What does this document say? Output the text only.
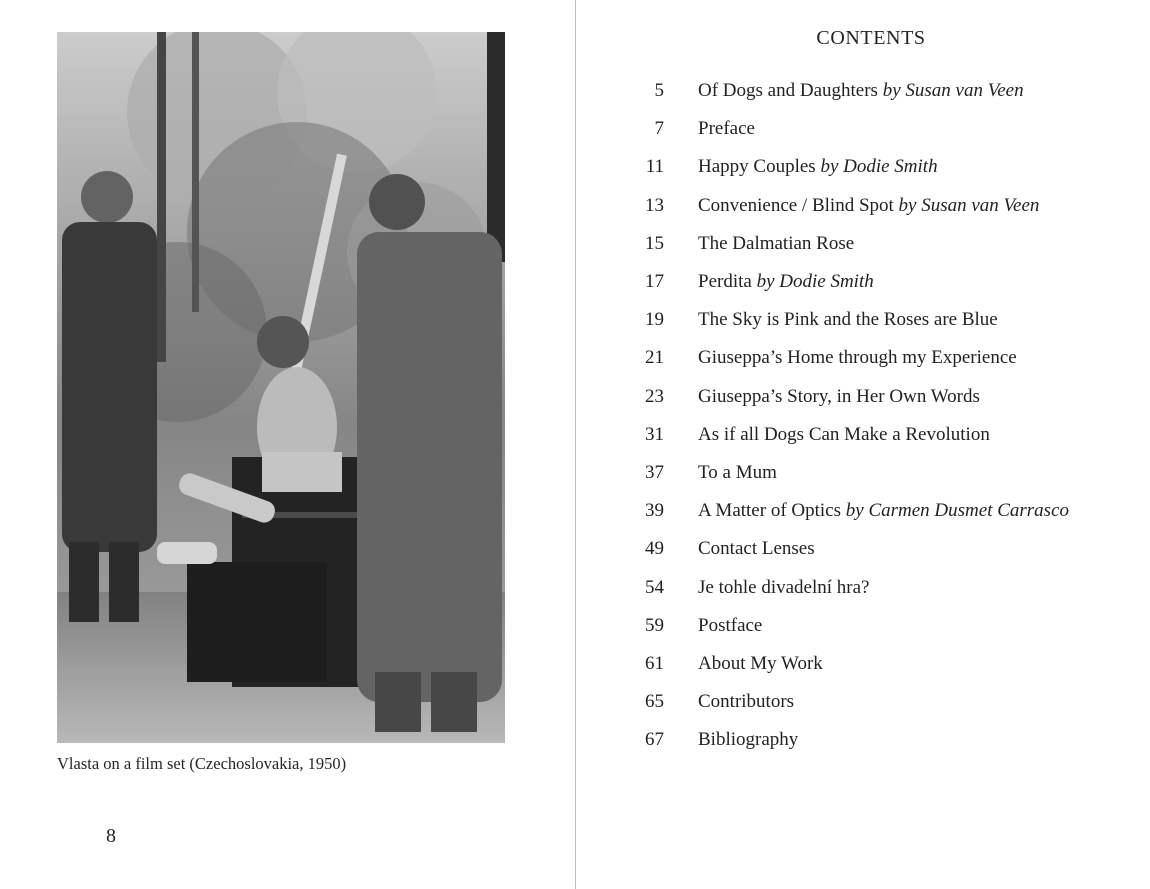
Vlasta on a film set (Czechoslovakia, 1950)
8
CONTENTS
5 Of Dogs and Daughters
by Susan van Veen
7 Preface
11 Happy Couples
by Dodie Smith
13 Convenience / Blind Spot
by Susan van Veen
15 The Dalmatian Rose
17 Perdita
by Dodie Smith
19 The Sky is Pink and the Roses are Blue
21 Giuseppa’s Home through my Experience
23 Giuseppa’s Story, in Her Own Words
31 As if all Dogs Can Make a Revolution
37 To a Mum
39 A Matter of Optics
by Carmen Dusmet Carrasco
49 Contact Lenses
54 Je tohle divadelní hra?
59 Postface
61 About My Work
65 Contributors
67 Bibliography
